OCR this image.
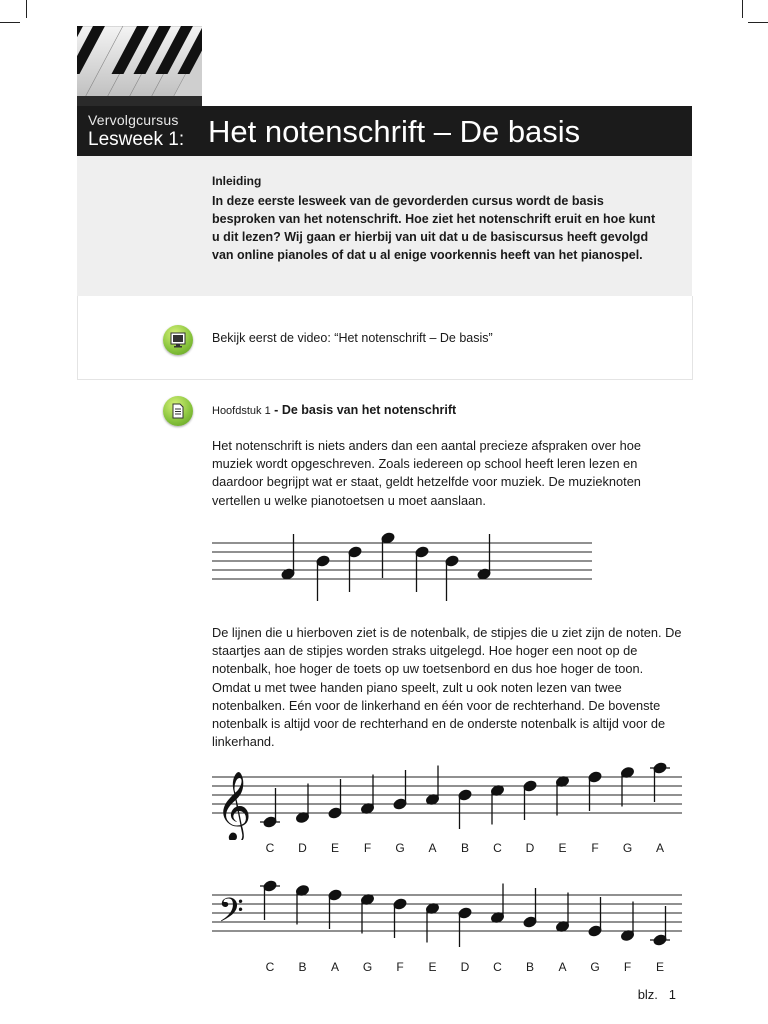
Vervolgcursus
Lesweek 1: Het notenschrift – De basis
Inleiding
In deze eerste lesweek van de gevorderden cursus wordt de basis besproken van het notenschrift. Hoe ziet het notenschrift eruit en hoe kunt u dit lezen? Wij gaan er hierbij van uit dat u de basiscursus heeft gevolgd van online pianoles of dat u al enige voorkennis heeft van het pianospel.
Bekijk eerst de video: “Het notenschrift – De basis”
Hoofdstuk 1 - De basis van het notenschrift
Het notenschrift is niets anders dan een aantal precieze afspraken over hoe muziek wordt opgeschreven. Zoals iedereen op school heeft leren lezen en daardoor begrijpt wat er staat, geldt hetzelfde voor muziek. De muzieknoten vertellen u welke pianotoetsen u moet aanslaan.
De lijnen die u hierboven ziet is de notenbalk, de stipjes die u ziet zijn de noten. De staartjes aan de stipjes worden straks uitgelegd. Hoe hoger een noot op de notenbalk, hoe hoger de toets op uw toetsenbord en dus hoe hoger de toon. Omdat u met twee handen piano speelt, zult u ook noten lezen van twee notenbalken. Eén voor de linkerhand en één voor de rechterhand. De bovenste notenbalk is altijd voor de rechterhand en de onderste notenbalk is altijd voor de linkerhand.
𝄞
C D E F G A B C D E F G A
𝄢
C B A G F E D C B A G F E
blz. 1
